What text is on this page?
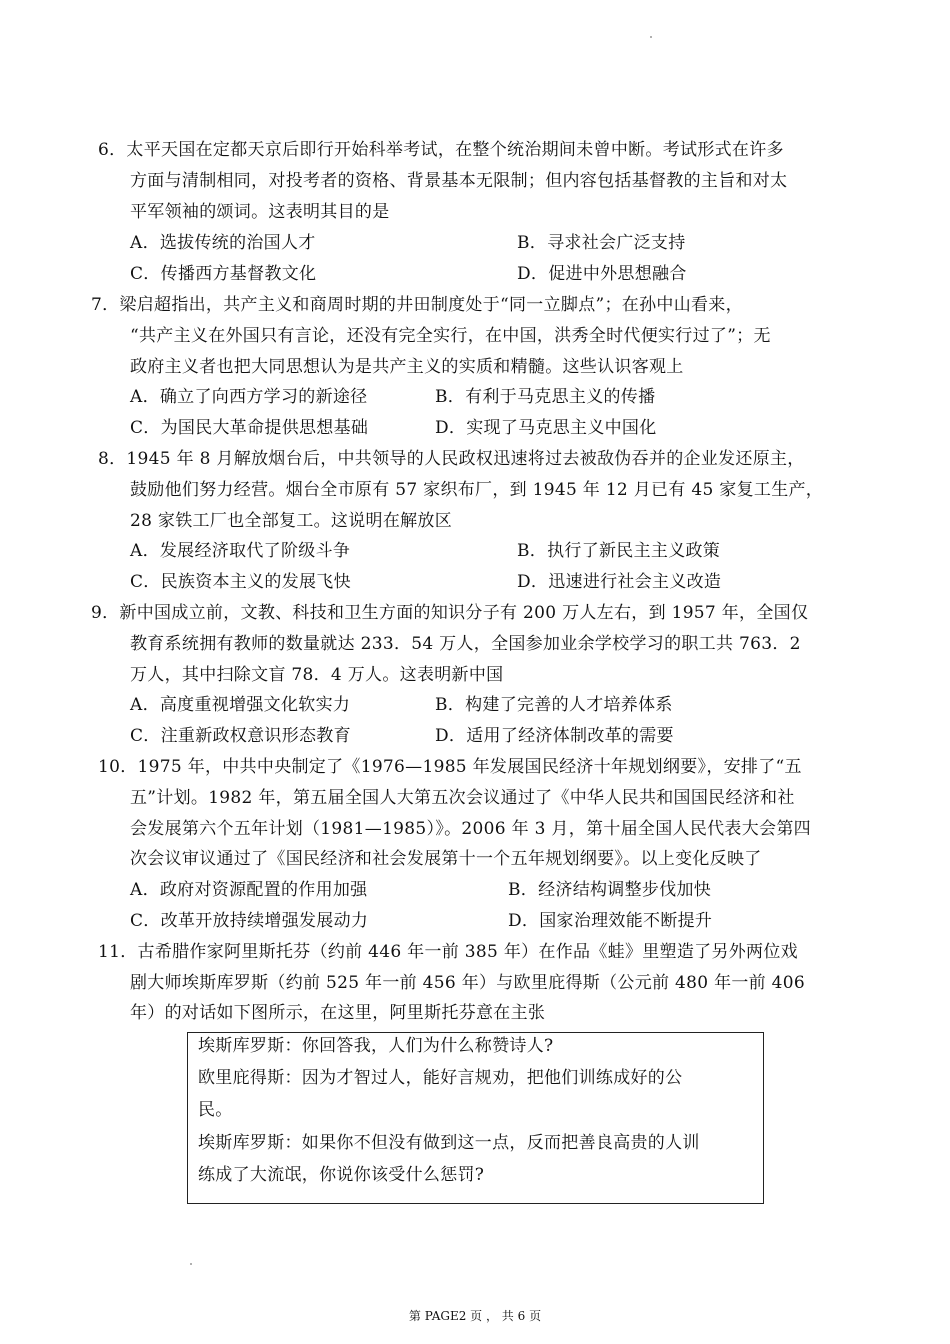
6．太平天国在定都天京后即行开始科举考试，在整个统治期间未曾中断。考试形式在许多
方面与清制相同，对投考者的资格、背景基本无限制；但内容包括基督教的主旨和对太
平军领袖的颂词。这表明其目的是
A．选拔传统的治国人才	B．寻求社会广泛支持
C．传播西方基督教文化	D．促进中外思想融合
7．梁启超指出，共产主义和商周时期的井田制度处于“同一立脚点”；在孙中山看来，
“共产主义在外国只有言论，还没有完全实行，在中国，洪秀全时代便实行过了”；无
政府主义者也把大同思想认为是共产主义的实质和精髓。这些认识客观上
A．确立了向西方学习的新途径	B．有利于马克思主义的传播
C．为国民大革命提供思想基础	D．实现了马克思主义中国化
8．1945 年 8 月解放烟台后，中共领导的人民政权迅速将过去被敌伪吞并的企业发还原主，
鼓励他们努力经营。烟台全市原有 57 家织布厂，到 1945 年 12 月已有 45 家复工生产，
28 家铁工厂也全部复工。这说明在解放区
A．发展经济取代了阶级斗争	B．执行了新民主主义政策
C．民族资本主义的发展飞快	D．迅速进行社会主义改造
9．新中国成立前，文教、科技和卫生方面的知识分子有 200 万人左右，到 1957 年，全国仅
教育系统拥有教师的数量就达 233．54 万人，全国参加业余学校学习的职工共 763．2
万人，其中扫除文盲 78．4 万人。这表明新中国
A．高度重视增强文化软实力	B．构建了完善的人才培养体系
C．注重新政权意识形态教育	D．适用了经济体制改革的需要
10．1975 年，中共中央制定了《1976—1985 年发展国民经济十年规划纲要》，安排了“五
五”计划。1982 年，第五届全国人大第五次会议通过了《中华人民共和国国民经济和社
会发展第六个五年计划（1981—1985）》。2006 年 3 月，第十届全国人民代表大会第四
次会议审议通过了《国民经济和社会发展第十一个五年规划纲要》。以上变化反映了
A．政府对资源配置的作用加强	B．经济结构调整步伐加快
C．改革开放持续增强发展动力	D．国家治理效能不断提升
11．古希腊作家阿里斯托芬（约前 446 年一前 385 年）在作品《蛙》里塑造了另外两位戏
剧大师埃斯库罗斯（约前 525 年一前 456 年）与欧里庇得斯（公元前 480 年一前 406
年）的对话如下图所示，在这里，阿里斯托芬意在主张
埃斯库罗斯：你回答我，人们为什么称赞诗人?
欧里庇得斯：因为才智过人，能好言规劝，把他们训练成好的公
民。
埃斯库罗斯：如果你不但没有做到这一点，反而把善良高贵的人训
练成了大流氓，你说你该受什么惩罚?
第 PAGE2 页 ， 共 6 页
